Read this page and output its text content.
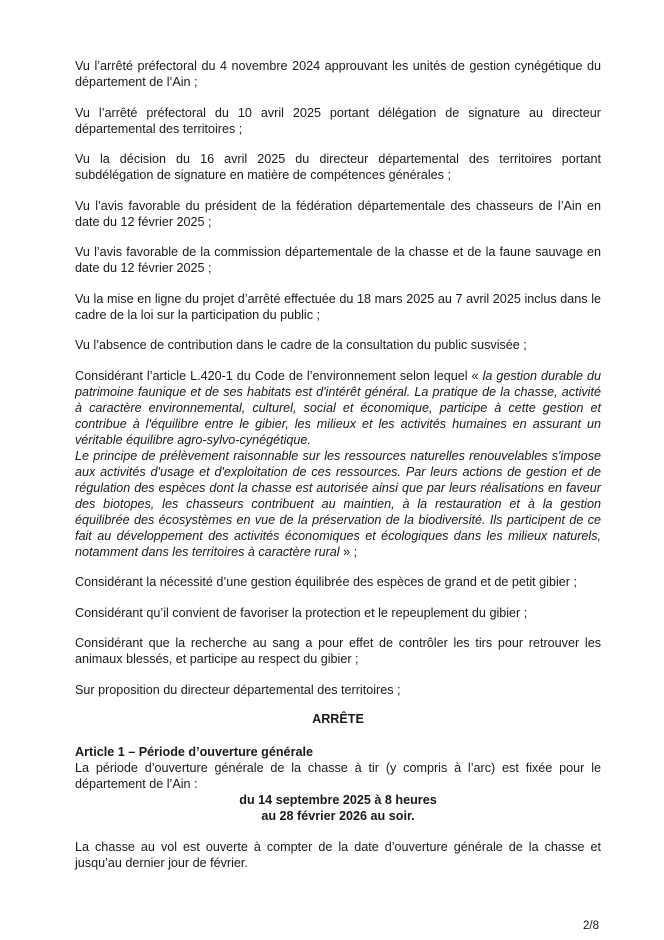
Vu l’arrêté préfectoral du 4 novembre 2024 approuvant les unités de gestion cynégétique du département de l’Ain ;

Vu l’arrêté préfectoral du 10 avril 2025 portant délégation de signature au directeur départemental des territoires ;

Vu la décision du 16 avril 2025 du directeur départemental des territoires portant subdélégation de signature en matière de compétences générales ;

Vu l’avis favorable du président de la fédération départementale des chasseurs de l’Ain en date du 12 février 2025 ;

Vu l’avis favorable de la commission départementale de la chasse et de la faune sauvage en date du 12 février 2025 ;

Vu la mise en ligne du projet d’arrêté effectuée du 18 mars 2025 au 7 avril 2025 inclus dans le cadre de la loi sur la participation du public ;

Vu l’absence de contribution dans le cadre de la consultation du public susvisée ;

Considérant l’article L.420-1 du Code de l’environnement selon lequel « la gestion durable du patrimoine faunique et de ses habitats est d'intérêt général. La pratique de la chasse, activité à caractère environnemental, culturel, social et économique, participe à cette gestion et contribue à l'équilibre entre le gibier, les milieux et les activités humaines en assurant un véritable équilibre agro-sylvo-cynégétique.

Le principe de prélèvement raisonnable sur les ressources naturelles renouvelables s'impose aux activités d'usage et d'exploitation de ces ressources. Par leurs actions de gestion et de régulation des espèces dont la chasse est autorisée ainsi que par leurs réalisations en faveur des biotopes, les chasseurs contribuent au maintien, à la restauration et à la gestion équilibrée des écosystèmes en vue de la préservation de la biodiversité. Ils participent de ce fait au développement des activités économiques et écologiques dans les milieux naturels, notamment dans les territoires à caractère rural » ;

Considérant la nécessité d’une gestion équilibrée des espèces de grand et de petit gibier ;

Considérant qu’il convient de favoriser la protection et le repeuplement du gibier ;

Considérant que la recherche au sang a pour effet de contrôler les tirs pour retrouver les animaux blessés, et participe au respect du gibier ;

Sur proposition du directeur départemental des territoires ;

ARRÊTE
Article 1 – Période d’ouverture générale

La période d’ouverture générale de la chasse à tir (y compris à l’arc) est fixée pour le département de l’Ain :

du 14 septembre 2025 à 8 heures
au 28 février 2026 au soir.

La chasse au vol est ouverte à compter de la date d’ouverture générale de la chasse et jusqu’au dernier jour de février.

2/8
